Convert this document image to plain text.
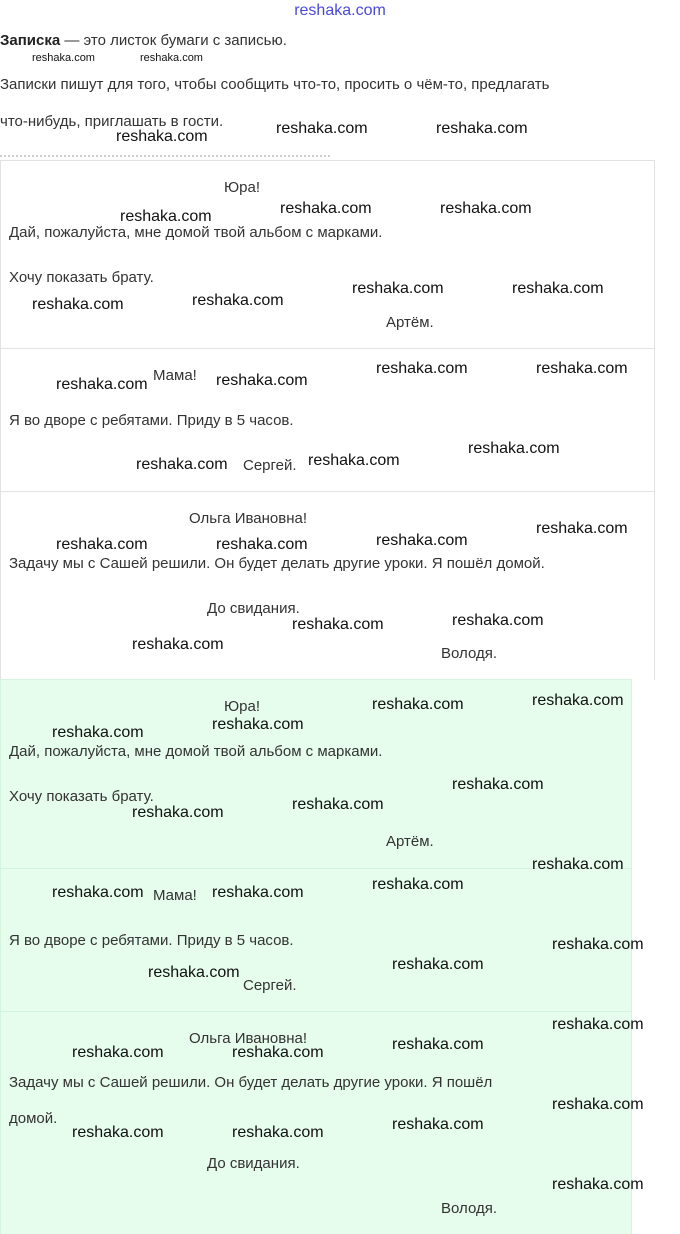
reshaka.com
Записка — это листок бумаги с записью.
Записки пишут для того, чтобы сообщить что-то, просить о чём-то, предлагать
что-нибудь, приглашать в гости.
Юра!
Дай, пожалуйста, мне домой твой альбом с марками.
Хочу показать брату.
Артём.
Мама!
Я во дворе с ребятами. Приду в 5 часов.
Сергей.
Ольга Ивановна!
Задачу мы с Сашей решили. Он будет делать другие уроки. Я пошёл домой.
До свидания.
Володя.
Юра!
Дай, пожалуйста, мне домой твой альбом с марками.
Хочу показать брату.
Артём.
Мама!
Я во дворе с ребятами. Приду в 5 часов.
Сергей.
Ольга Ивановна!
Задачу мы с Сашей решили. Он будет делать другие уроки. Я пошёл
домой.
До свидания.
Володя.
reshaka.com	reshaka.com
reshaka.com	reshaka.com	reshaka.com
reshaka.com	reshaka.com	reshaka.com
reshaka.com	reshaka.com
reshaka.com	reshaka.com
reshaka.com	reshaka.com
reshaka.com	reshaka.com
reshaka.com	reshaka.com
reshaka.com
reshaka.com	reshaka.com	reshaka.com
reshaka.com
reshaka.com
reshaka.com	reshaka.com
reshaka.com	reshaka.com
reshaka.com	reshaka.com
reshaka.com	reshaka.com
reshaka.com
reshaka.com
reshaka.com	reshaka.com	reshaka.com
reshaka.com
reshaka.com	reshaka.com
reshaka.com
reshaka.com	reshaka.com	reshaka.com
reshaka.com
reshaka.com	reshaka.com	reshaka.com
reshaka.com
